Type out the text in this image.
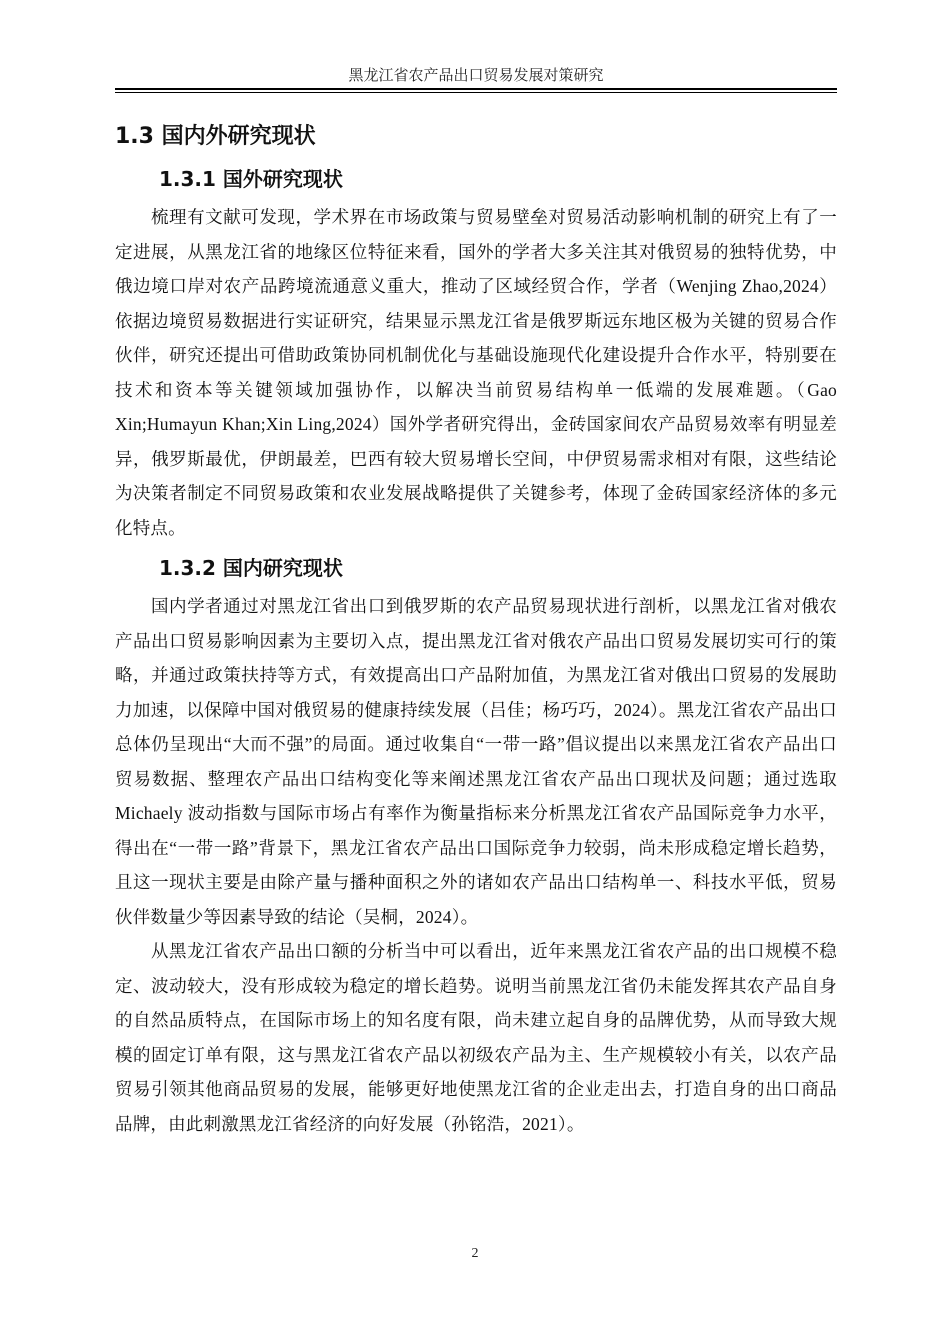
黑龙江省农产品出口贸易发展对策研究
1.3 国内外研究现状
1.3.1 国外研究现状

梳理有文献可发现，学术界在市场政策与贸易壁垒对贸易活动影响机制的研究上有了一定进展，从黑龙江省的地缘区位特征来看，国外的学者大多关注其对俄贸易的独特优势，中俄边境口岸对农产品跨境流通意义重大，推动了区域经贸合作，学者（Wenjing Zhao,2024）依据边境贸易数据进行实证研究，结果显示黑龙江省是俄罗斯远东地区极为关键的贸易合作伙伴，研究还提出可借助政策协同机制优化与基础设施现代化建设提升合作水平，特别要在技术和资本等关键领域加强协作，以解决当前贸易结构单一低端的发展难题。（Gao Xin;Humayun Khan;Xin Ling,2024）国外学者研究得出，金砖国家间农产品贸易效率有明显差异，俄罗斯最优，伊朗最差，巴西有较大贸易增长空间，中伊贸易需求相对有限，这些结论为决策者制定不同贸易政策和农业发展战略提供了关键参考，体现了金砖国家经济体的多元化特点。

1.3.2 国内研究现状

国内学者通过对黑龙江省出口到俄罗斯的农产品贸易现状进行剖析，以黑龙江省对俄农产品出口贸易影响因素为主要切入点，提出黑龙江省对俄农产品出口贸易发展切实可行的策略，并通过政策扶持等方式，有效提高出口产品附加值，为黑龙江省对俄出口贸易的发展助力加速，以保障中国对俄贸易的健康持续发展（吕佳；杨巧巧，2024）。黑龙江省农产品出口总体仍呈现出“大而不强”的局面。通过收集自“一带一路”倡议提出以来黑龙江省农产品出口贸易数据、整理农产品出口结构变化等来阐述黑龙江省农产品出口现状及问题；通过选取 Michaely 波动指数与国际市场占有率作为衡量指标来分析黑龙江省农产品国际竞争力水平，得出在“一带一路”背景下，黑龙江省农产品出口国际竞争力较弱，尚未形成稳定增长趋势，且这一现状主要是由除产量与播种面积之外的诸如农产品出口结构单一、科技水平低，贸易伙伴数量少等因素导致的结论（吴桐，2024）。

从黑龙江省农产品出口额的分析当中可以看出，近年来黑龙江省农产品的出口规模不稳定、波动较大，没有形成较为稳定的增长趋势。说明当前黑龙江省仍未能发挥其农产品自身的自然品质特点，在国际市场上的知名度有限，尚未建立起自身的品牌优势，从而导致大规模的固定订单有限，这与黑龙江省农产品以初级农产品为主、生产规模较小有关，以农产品贸易引领其他商品贸易的发展，能够更好地使黑龙江省的企业走出去，打造自身的出口商品品牌，由此刺激黑龙江省经济的向好发展（孙铭浩，2021）。

2
